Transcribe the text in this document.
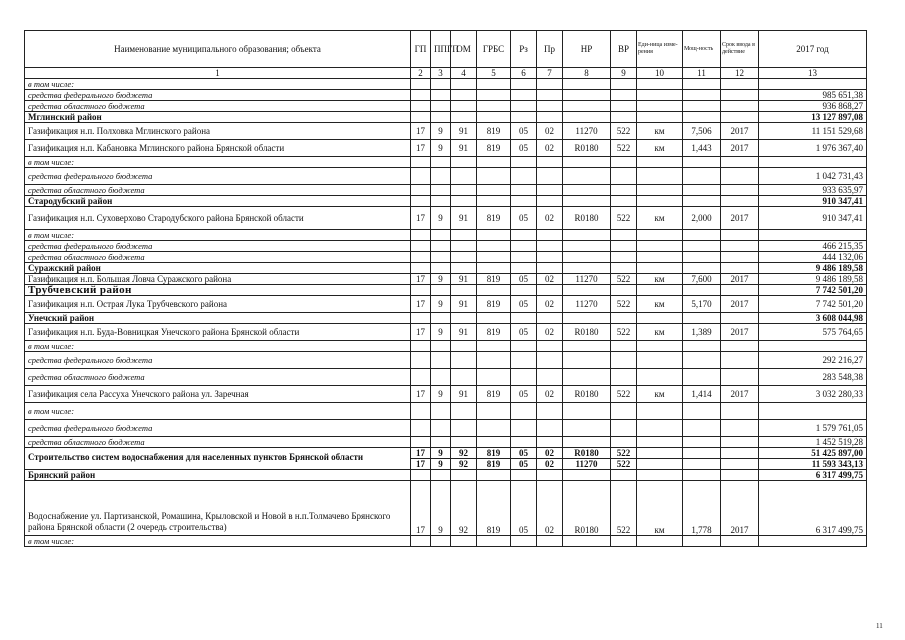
Наименование муниципального образования; объекта	ГП	ППГП	ОМ	ГРБС	Рз	Пр	НР	ВР	Еди-ница изме-рения	Мощ-ность	Срок ввода в действие	2017 год
1	2	3	4	5	6	7	8	9	10	11	12	13
в том числе:												
средства федерального бюджета												985 651,38
средства областного бюджета												936 868,27
Мглинский район												13 127 897,08
Газификация н.п. Полховка Мглинского района	17	9	91	819	05	02	11270	522	км	7,506	2017	11 151 529,68
Газификация н.п. Кабановка Мглинского района Брянской области	17	9	91	819	05	02	R0180	522	км	1,443	2017	1 976 367,40
в том числе:												
средства федерального бюджета												1 042 731,43
средства областного бюджета												933 635,97
Стародубский район												910 347,41
Газификация н.п. Суховерхово Стародубского района Брянской области	17	9	91	819	05	02	R0180	522	км	2,000	2017	910 347,41
в том числе:												
средства федерального бюджета												466 215,35
средства областного бюджета												444 132,06
Суражский район												9 486 189,58
Газификация н.п. Большая Ловча Суражского района	17	9	91	819	05	02	11270	522	км	7,600	2017	9 486 189,58
Трубчевский район												7 742 501,20
Газификация н.п. Острая Лука Трубчевского района	17	9	91	819	05	02	11270	522	км	5,170	2017	7 742 501,20
Унечский район												3 608 044,98
Газификация н.п. Буда-Вовницкая Унечского района Брянской области	17	9	91	819	05	02	R0180	522	км	1,389	2017	575 764,65
в том числе:												
средства федерального бюджета												292 216,27
средства областного бюджета												283 548,38
Газификация села Рассуха Унечского района ул. Заречная	17	9	91	819	05	02	R0180	522	км	1,414	2017	3 032 280,33
в том числе:												
средства федерального бюджета												1 579 761,05
средства областного бюджета												1 452 519,28
Строительство систем водоснабжения для населенных пунктов Брянской области	17	9	92	819	05	02	R0180	522				51 425 897,00
	17	9	92	819	05	02	11270	522				11 593 343,13
Брянский район												6 317 499,75
Водоснабжение ул. Партизанской, Ромашина, Крыловской и Новой в н.п.Толмачево Брянского района Брянской области (2 очередь строительства)	17	9	92	819	05	02	R0180	522	км	1,778	2017	6 317 499,75
в том числе:												
11
